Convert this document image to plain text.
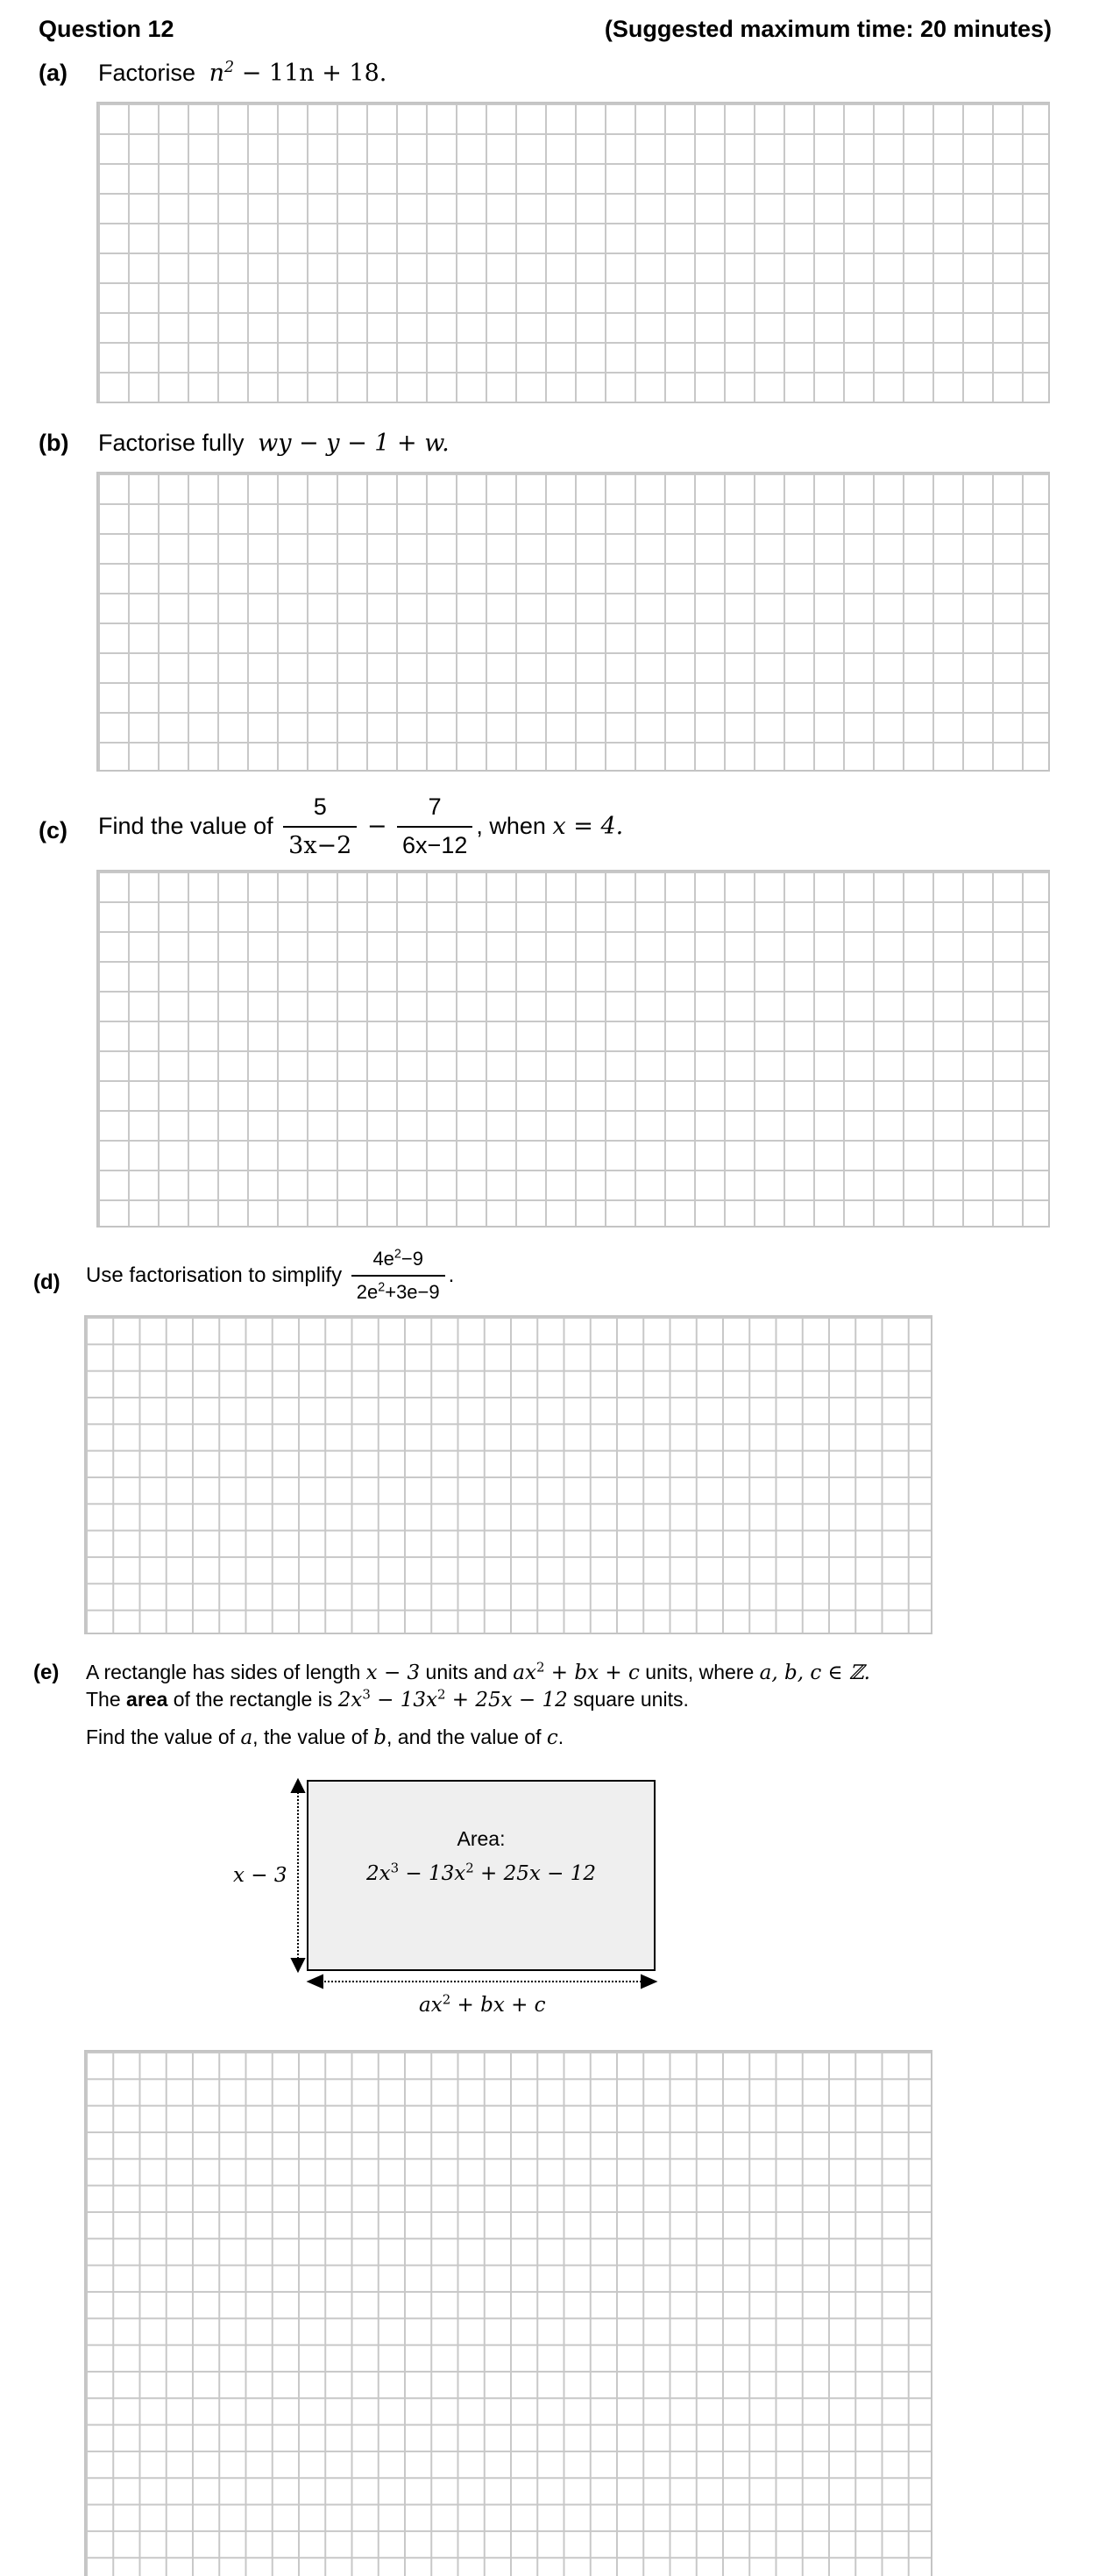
Question 12	(Suggested maximum time: 20 minutes)
(a) Factorise $n^2 - 11n + 18$.
(b) Factorise fully wy − y − 1 + w.
(c) Find the value of $\frac{5}{3x-2} - \frac{7}{6x-12}$ , when x = 4.
(d) Use factorisation to simplify $\frac{4e^2-9}{2e^2+3e-9}$ .
(e) A rectangle has sides of length x − 3 units and $ax^2$ + bx + c units, where a, b, c ∈ ℤ.
The area of the rectangle is $2x^3 - 13x^2 + 25x - 12$ square units.
Find the value of a, the value of b, and the value of c.
Area:
$2x^3 - 13x^2 + 25x - 12$
x − 3
$ax^2$ + bx + c
